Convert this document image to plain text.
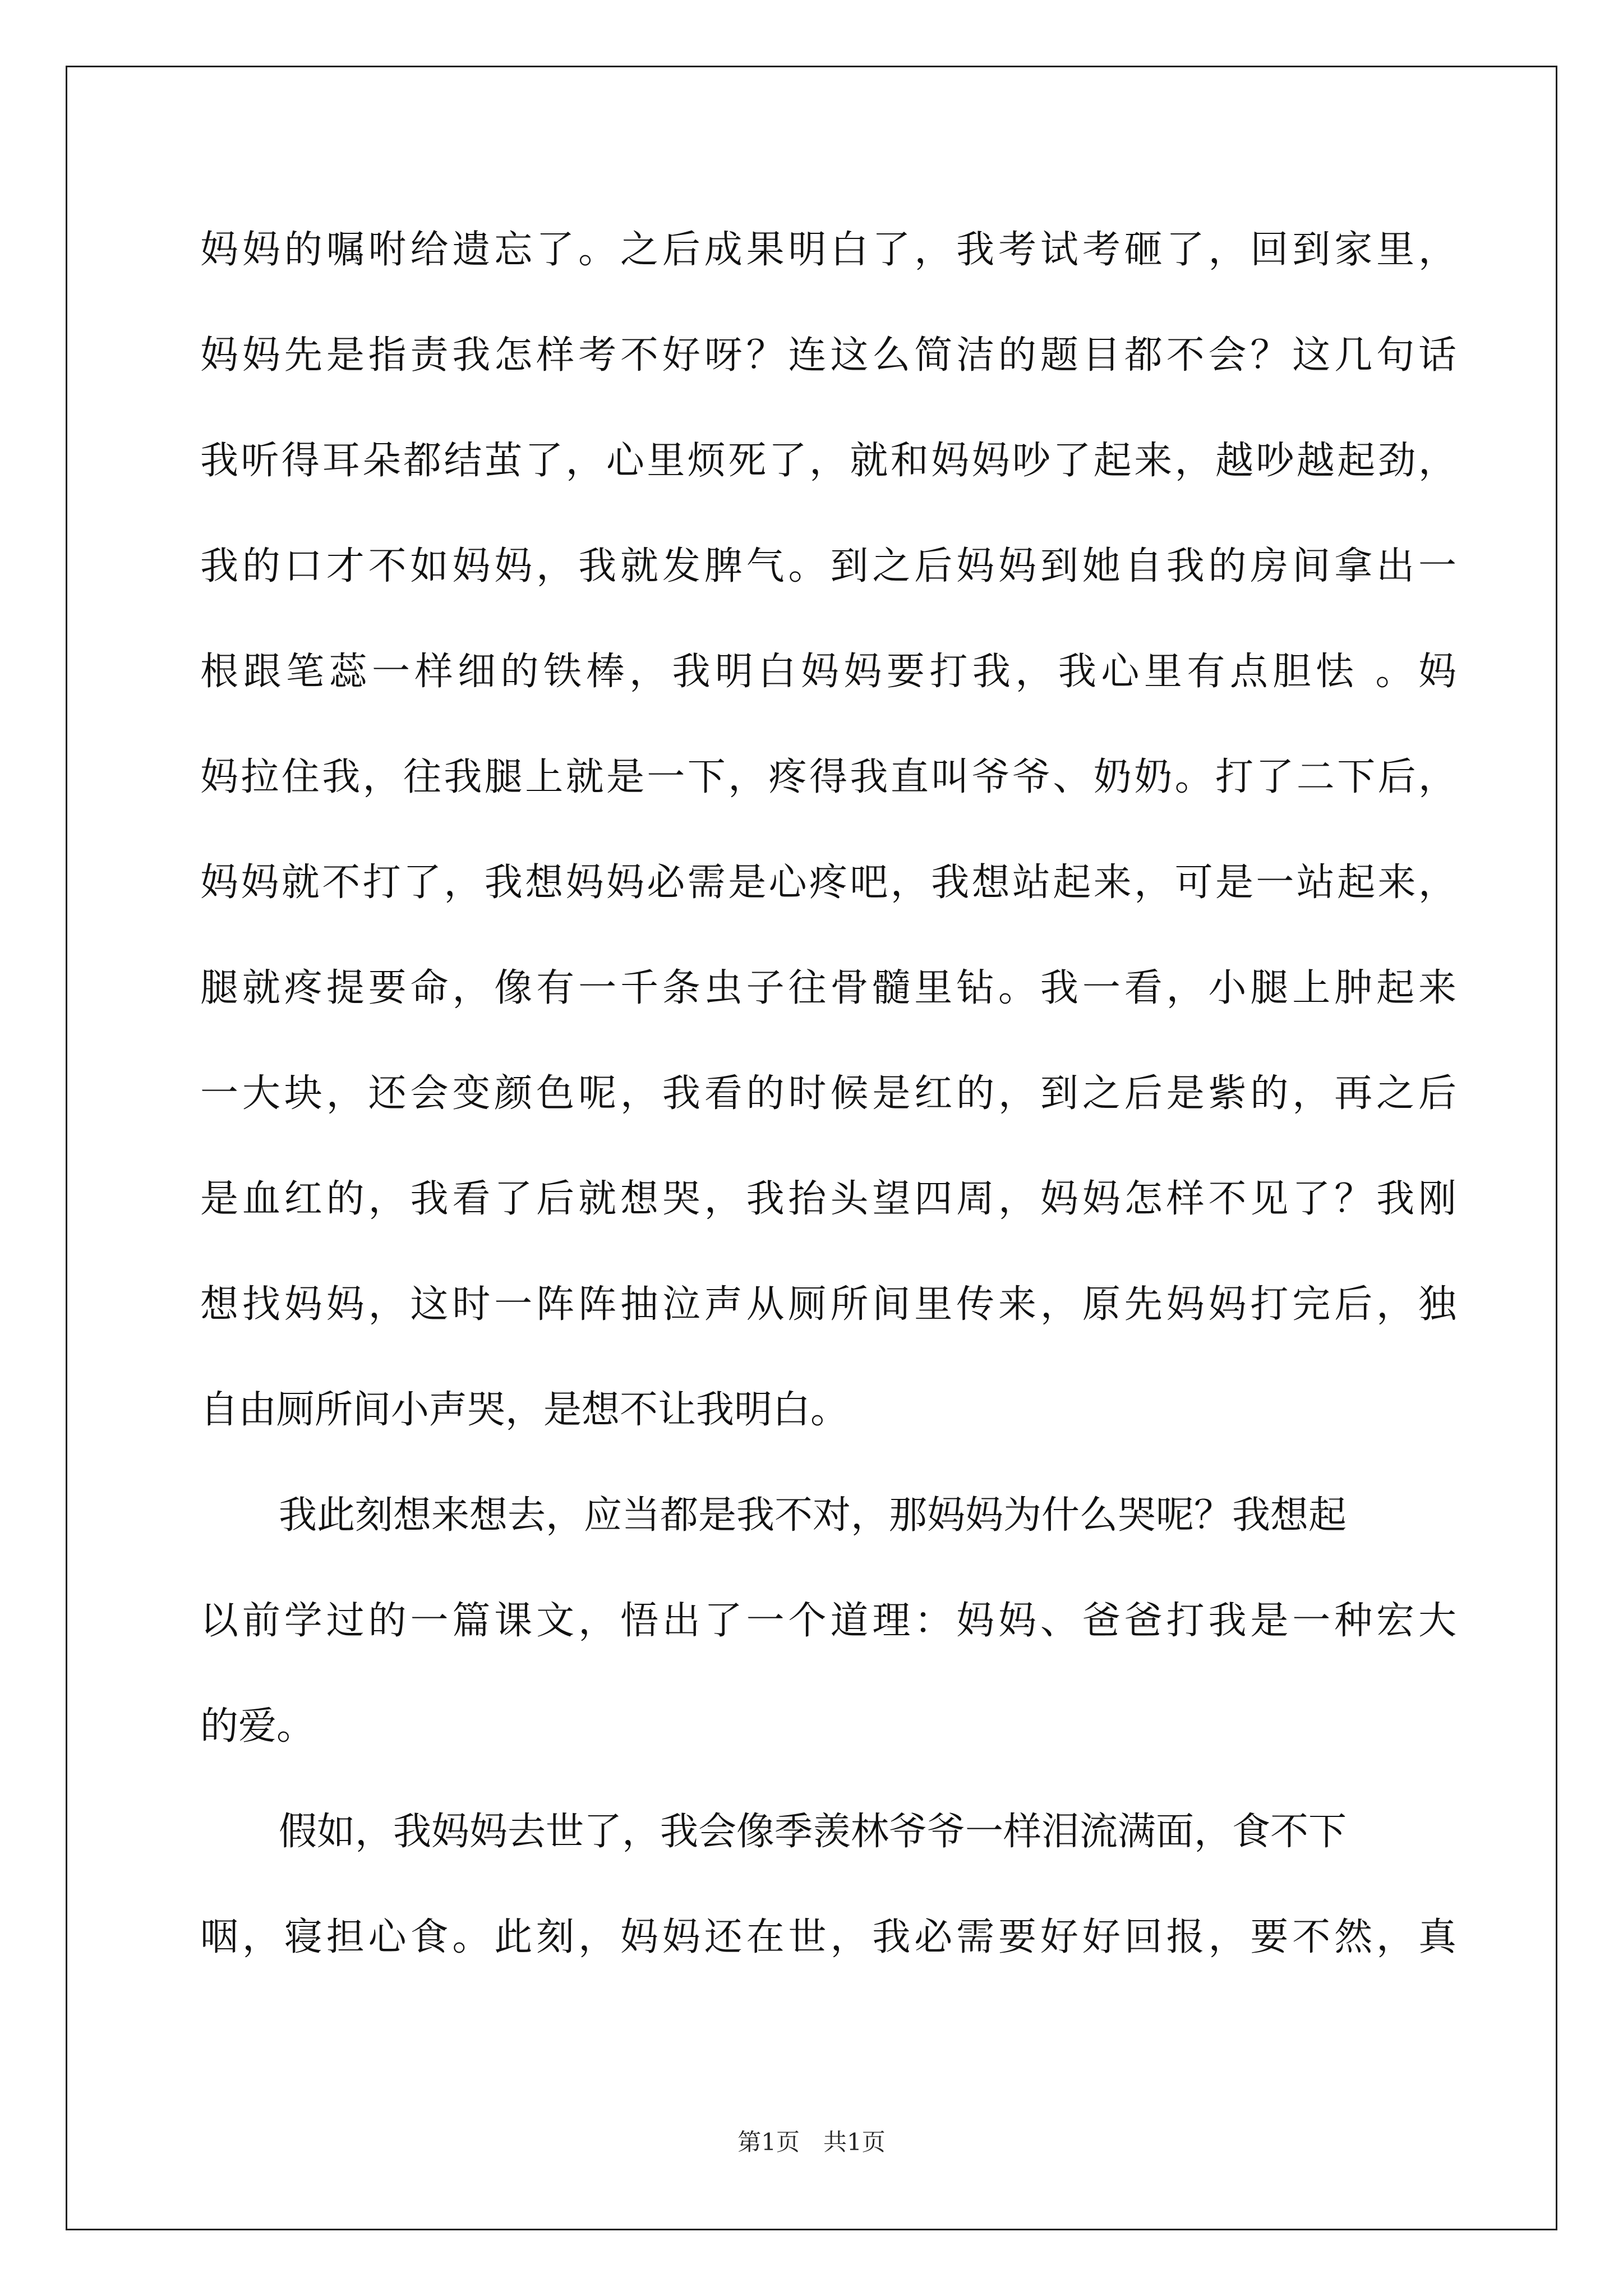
妈妈的嘱咐给遗忘了。之后成果明白了，我考试考砸了，回到家里，
妈妈先是指责我怎样考不好呀？连这么简洁的题目都不会？这几句话
我听得耳朵都结茧了，心里烦死了，就和妈妈吵了起来，越吵越起劲，
我的口才不如妈妈，我就发脾气。到之后妈妈到她自我的房间拿出一
根跟笔蕊一样细的铁棒，我明白妈妈要打我，我心里有点胆怯 。妈
妈拉住我，往我腿上就是一下，疼得我直叫爷爷、奶奶。打了二下后，
妈妈就不打了，我想妈妈必需是心疼吧，我想站起来，可是一站起来，
腿就疼提要命，像有一千条虫子往骨髓里钻。我一看，小腿上肿起来
一大块，还会变颜色呢，我看的时候是红的，到之后是紫的，再之后
是血红的，我看了后就想哭，我抬头望四周，妈妈怎样不见了？我刚
想找妈妈，这时一阵阵抽泣声从厕所间里传来，原先妈妈打完后，独
自由厕所间小声哭，是想不让我明白。
我此刻想来想去，应当都是我不对，那妈妈为什么哭呢？我想起
以前学过的一篇课文，悟出了一个道理：妈妈、爸爸打我是一种宏大
的爱。
假如，我妈妈去世了，我会像季羡林爷爷一样泪流满面，食不下
咽，寝担心食。此刻，妈妈还在世，我必需要好好回报，要不然，真
第1页　共1页
